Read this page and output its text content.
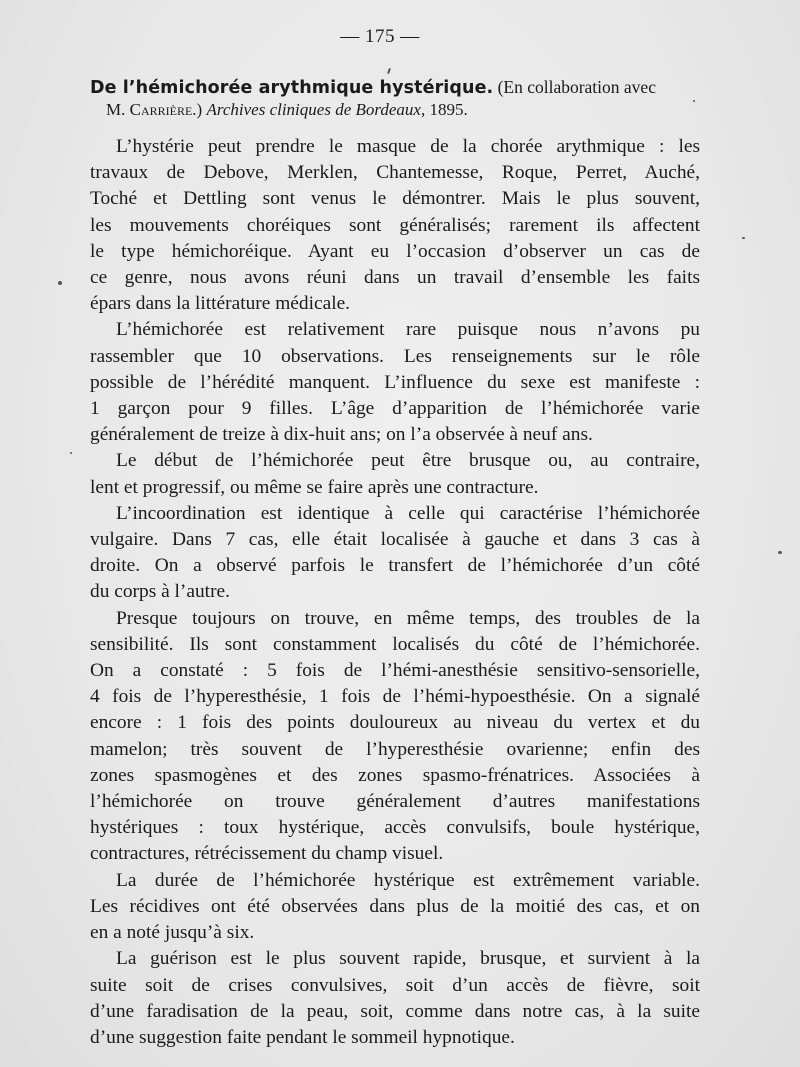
— 175 —
De l’hémichorée arythmique hystérique. (En collaboration avec
M. Carrière.) Archives cliniques de Bordeaux, 1895.
L’hystérie peut prendre le masque de la chorée arythmique : les
travaux de Debove, Merklen, Chantemesse, Roque, Perret, Auché,
Toché et Dettling sont venus le démontrer. Mais le plus souvent,
les mouvements choréiques sont généralisés; rarement ils affectent
le type hémichoréique. Ayant eu l’occasion d’observer un cas de
ce genre, nous avons réuni dans un travail d’ensemble les faits
épars dans la littérature médicale.
L’hémichorée est relativement rare puisque nous n’avons pu
rassembler que 10 observations. Les renseignements sur le rôle
possible de l’hérédité manquent. L’influence du sexe est manifeste :
1 garçon pour 9 filles. L’âge d’apparition de l’hémichorée varie
généralement de treize à dix-huit ans; on l’a observée à neuf ans.
Le début de l’hémichorée peut être brusque ou, au contraire,
lent et progressif, ou même se faire après une contracture.
L’incoordination est identique à celle qui caractérise l’hémichorée
vulgaire. Dans 7 cas, elle était localisée à gauche et dans 3 cas à
droite. On a observé parfois le transfert de l’hémichorée d’un côté
du corps à l’autre.
Presque toujours on trouve, en même temps, des troubles de la
sensibilité. Ils sont constamment localisés du côté de l’hémichorée.
On a constaté : 5 fois de l’hémi-anesthésie sensitivo-sensorielle,
4 fois de l’hyperesthésie, 1 fois de l’hémi-hypoesthésie. On a signalé
encore : 1 fois des points douloureux au niveau du vertex et du
mamelon; très souvent de l’hyperesthésie ovarienne; enfin des
zones spasmogènes et des zones spasmo-frénatrices. Associées à
l’hémichorée on trouve généralement d’autres manifestations
hystériques : toux hystérique, accès convulsifs, boule hystérique,
contractures, rétrécissement du champ visuel.
La durée de l’hémichorée hystérique est extrêmement variable.
Les récidives ont été observées dans plus de la moitié des cas, et on
en a noté jusqu’à six.
La guérison est le plus souvent rapide, brusque, et survient à la
suite soit de crises convulsives, soit d’un accès de fièvre, soit
d’une faradisation de la peau, soit, comme dans notre cas, à la suite
d’une suggestion faite pendant le sommeil hypnotique.
